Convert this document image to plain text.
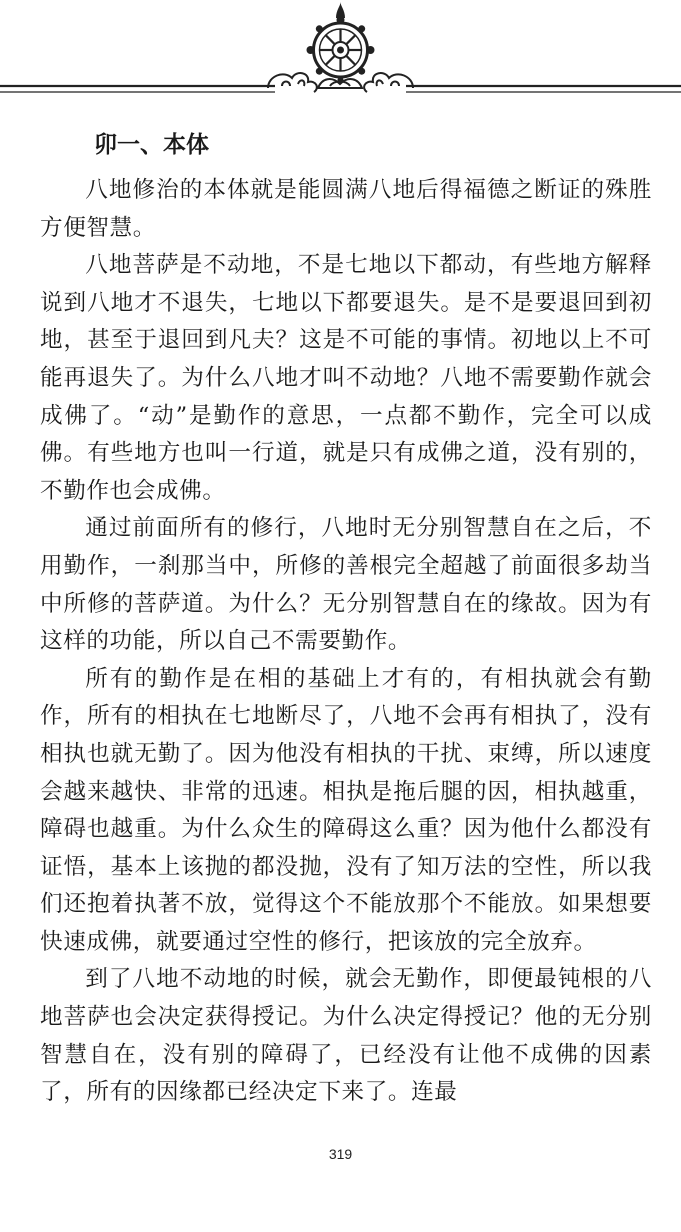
卯一、本体

八地修治的本体就是能圆满八地后得福德之断证的殊胜方便智慧。

八地菩萨是不动地，不是七地以下都动，有些地方解释说到八地才不退失，七地以下都要退失。是不是要退回到初地，甚至于退回到凡夫？这是不可能的事情。初地以上不可能再退失了。为什么八地才叫不动地？八地不需要勤作就会成佛了。“动”是勤作的意思，一点都不勤作，完全可以成佛。有些地方也叫一行道，就是只有成佛之道，没有别的，不勤作也会成佛。

通过前面所有的修行，八地时无分别智慧自在之后，不用勤作，一刹那当中，所修的善根完全超越了前面很多劫当中所修的菩萨道。为什么？无分别智慧自在的缘故。因为有这样的功能，所以自己不需要勤作。

所有的勤作是在相的基础上才有的，有相执就会有勤作，所有的相执在七地断尽了，八地不会再有相执了，没有相执也就无勤了。因为他没有相执的干扰、束缚，所以速度会越来越快、非常的迅速。相执是拖后腿的因，相执越重，障碍也越重。为什么众生的障碍这么重？因为他什么都没有证悟，基本上该抛的都没抛，没有了知万法的空性，所以我们还抱着执著不放，觉得这个不能放那个不能放。如果想要快速成佛，就要通过空性的修行，把该放的完全放弃。

到了八地不动地的时候，就会无勤作，即便最钝根的八地菩萨也会决定获得授记。为什么决定得授记？他的无分别智慧自在，没有别的障碍了，已经没有让他不成佛的因素了，所有的因缘都已经决定下来了。连最

319
